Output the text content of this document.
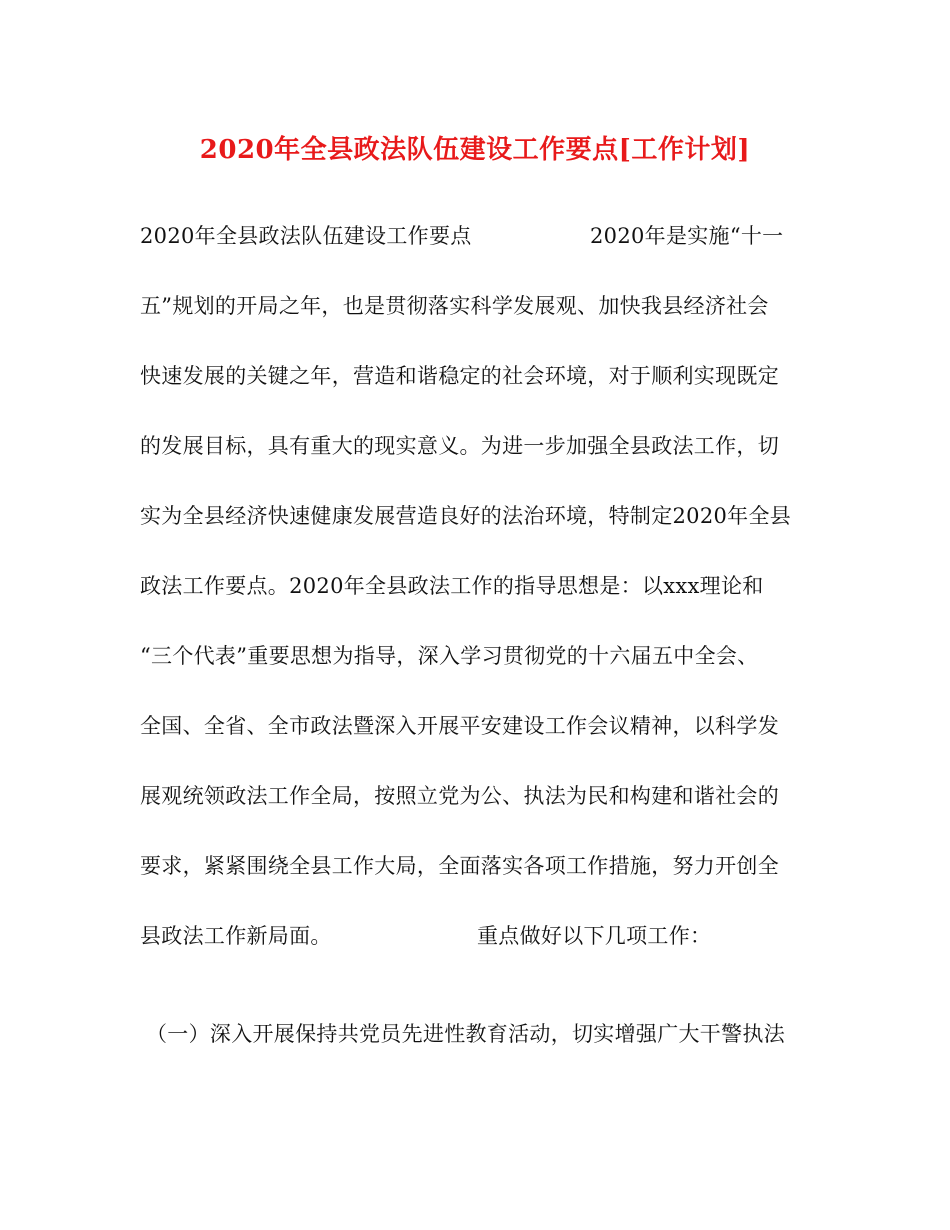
2020年全县政法队伍建设工作要点[工作计划]
2020年全县政法队伍建设工作要点	2020年是实施“十一
五”规划的开局之年，也是贯彻落实科学发展观、加快我县经济社会
快速发展的关键之年，营造和谐稳定的社会环境，对于顺利实现既定
的发展目标，具有重大的现实意义。为进一步加强全县政法工作，切
实为全县经济快速健康发展营造良好的法治环境，特制定2020年全县
政法工作要点。2020年全县政法工作的指导思想是：以xxx理论和
“三个代表”重要思想为指导，深入学习贯彻党的十六届五中全会、
全国、全省、全市政法暨深入开展平安建设工作会议精神，以科学发
展观统领政法工作全局，按照立党为公、执法为民和构建和谐社会的
要求，紧紧围绕全县工作大局，全面落实各项工作措施，努力开创全
县政法工作新局面。	重点做好以下几项工作：
（一）深入开展保持共党员先进性教育活动，切实增强广大干警执法
